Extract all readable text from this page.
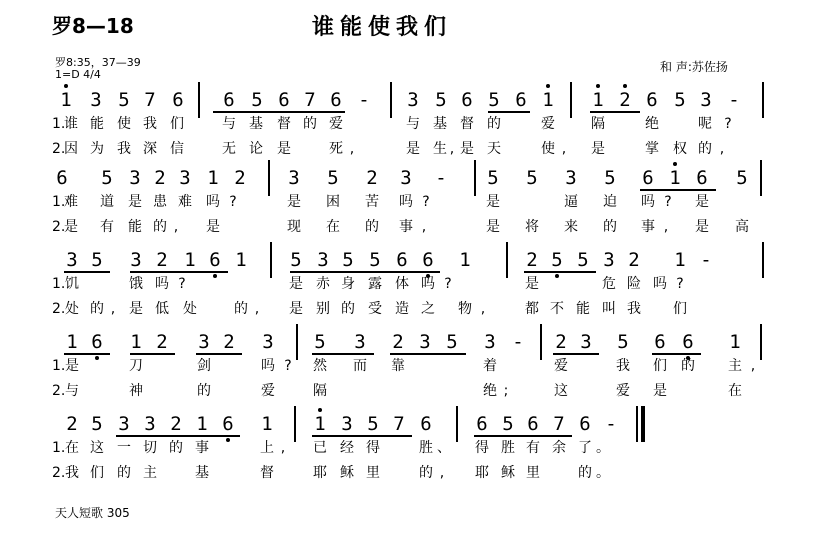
罗8—18	谁能使我们
罗8:35，37—39
1=D 4/4
和 声:苏佐扬
1 3 5 7 6 6 5 6 7 6 - 3 5 6 5 6 1 1 2 6 5 3 -
1.
谁 能 使 我 们	与 基 督 的 爱	与 基 督 的	爱	隔	绝	呢 ?
2.
因 为 我 深 信	无 论 是	死 ,	是 生 , 是 天	使 ,	是	掌 权 的 ,
6 5 3 2 3 1 2 3 5 2 3 - 5 5 3 5 6 1 6 5
1.
难 道 是 患 难 吗 ?	是 困 苦 吗 ?	是	逼 迫 吗 ?	是
2.
是 有 能 的 ,	是	现 在 的 事 ,	是 将 来 的 事 ,	是 高
3 5 3 2 1 6 1 5 3 5 5 6 6 1	2 5 5 3 2 1 -
1. 饥	饿 吗 ?	是 赤 身 露 体 吗 ?	是	危 险 吗 ?
2. 处 的 , 是 低 处	的 ,	是 别 的 受 造 之 物 ,	都 不 能 叫 我 们
1 6 1 2 3 2 3 5 3 2 3 5 3 - 2 3 5 6 6 1
1. 是	刀	剑	吗 ?	然 而 靠	着	爱	我 们 的 主 ,
2. 与	神	的	爱	隔	绝 ;	这	爱 是	在
2 5 3 3 2 1 6 1 1 3 5 7 6 6 5 6 7 6 -
1. 在 这 一 切 的 事	上 ,	已 经 得	胜 、 得 胜 有 余 了 。
2. 我 们 的 主	基	督	耶 稣 里	的 ,	耶 稣 里	的 。
天人短歌 305
